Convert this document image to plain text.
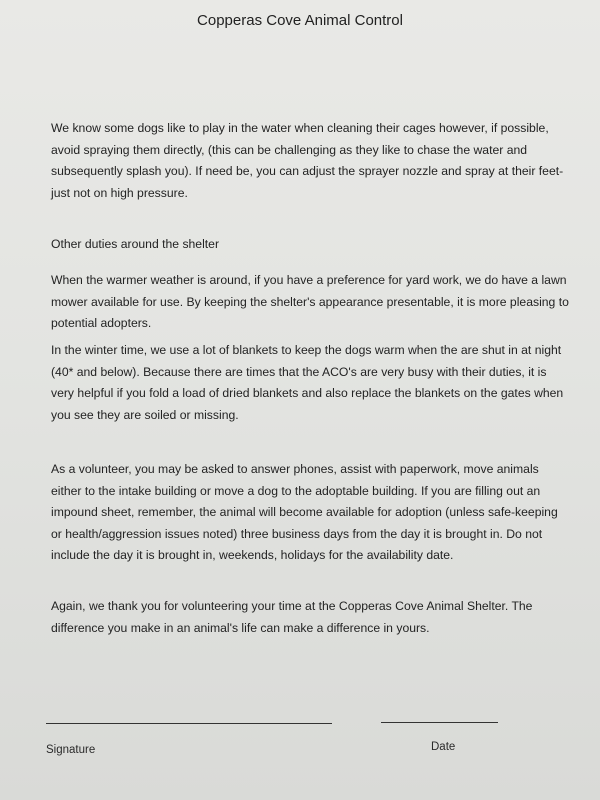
Copperas Cove Animal Control
We know some dogs like to play in the water when cleaning their cages however, if possible, avoid spraying them directly, (this can be challenging as they like to chase the water and subsequently splash you). If need be, you can adjust the sprayer nozzle and spray at their feet- just not on high pressure.
Other duties around the shelter
When the warmer weather is around, if you have a preference for yard work, we do have a lawn mower available for use. By keeping the shelter's appearance presentable, it is more pleasing to potential adopters.
In the winter time, we use a lot of blankets to keep the dogs warm when the are shut in at night (40* and below). Because there are times that the ACO's are very busy with their duties, it is very helpful if you fold a load of dried blankets and also replace the blankets on the gates when you see they are soiled or missing.
As a volunteer, you may be asked to answer phones, assist with paperwork, move animals either to the intake building or move a dog to the adoptable building. If you are filling out an impound sheet, remember, the animal will become available for adoption (unless safe-keeping or health/aggression issues noted) three business days from the day it is brought in. Do not include the day it is brought in, weekends, holidays for the availability date.
Again, we thank you for volunteering your time at the Copperas Cove Animal Shelter. The difference you make in an animal's life can make a difference in yours.
Signature	Date
